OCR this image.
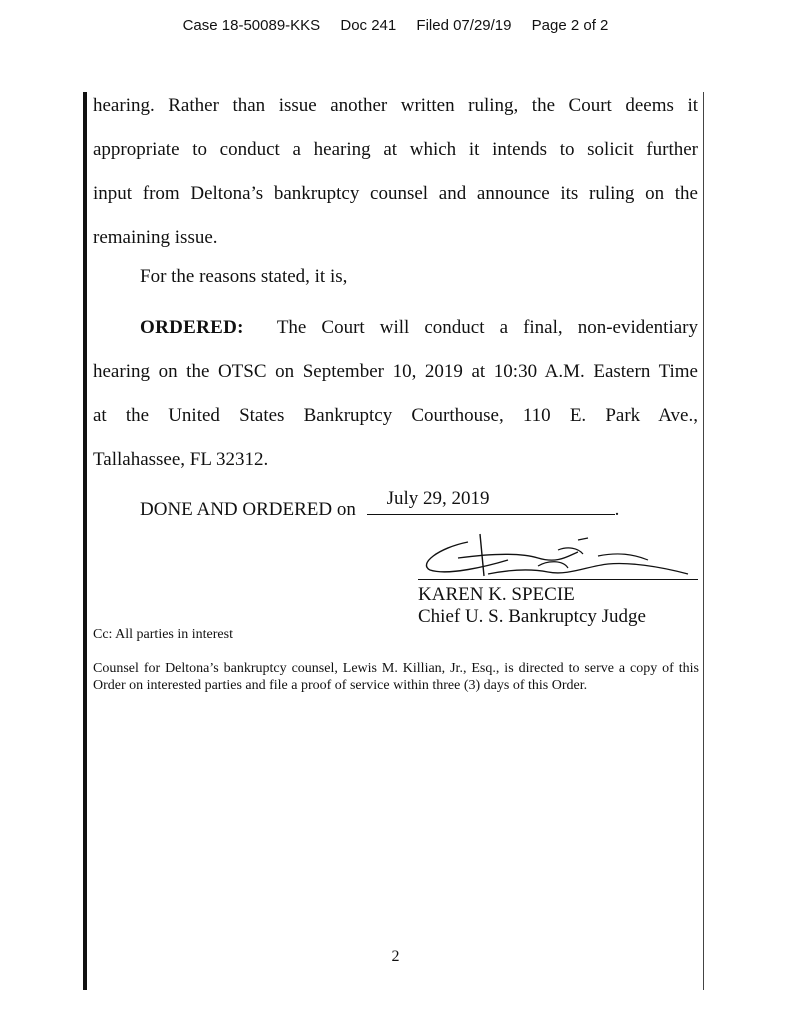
Case 18-50089-KKS Doc 241 Filed 07/29/19 Page 2 of 2
hearing. Rather than issue another written ruling, the Court deems it
appropriate to conduct a hearing at which it intends to solicit further
input from Deltona’s bankruptcy counsel and announce its ruling on the
remaining issue.
For the reasons stated, it is,
ORDERED: The Court will conduct a final, non-evidentiary
hearing on the OTSC on September 10, 2019 at 10:30 A.M. Eastern Time
at the United States Bankruptcy Courthouse, 110 E. Park Ave.,
Tallahassee, FL 32312.
DONE AND ORDERED on
July 29, 2019
.
KAREN K. SPECIE
Chief U. S. Bankruptcy Judge
Cc: All parties in interest
Counsel for Deltona’s bankruptcy counsel, Lewis M. Killian, Jr., Esq., is directed to serve a copy of this Order on interested parties and file a proof of service within three (3) days of this Order.
2
